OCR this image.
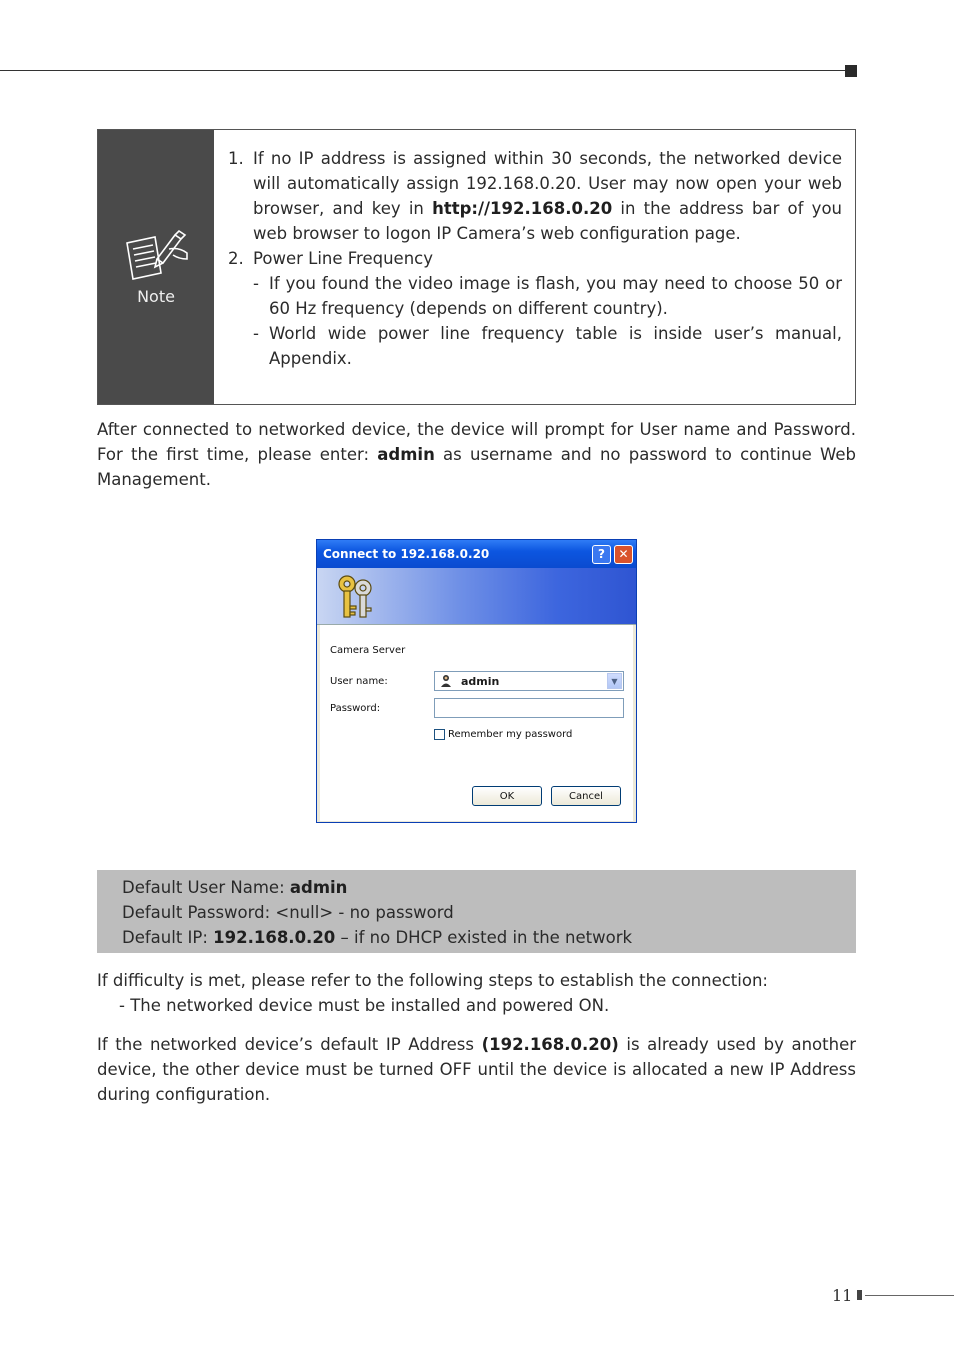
Note
1. If no IP address is assigned within 30 seconds, the networked device will automatically assign 192.168.0.20. User may now open your web browser, and key in http://192.168.0.20 in the address bar of you web browser to logon IP Camera’s web configuration page.
2. Power Line Frequency
- If you found the video image is flash, you may need to choose 50 or 60 Hz frequency (depends on different country).
- World wide power line frequency table is inside user’s manual, Appendix.
After connected to networked device, the device will prompt for User name and Password. For the first time, please enter: admin as username and no password to continue Web Management.
Connect to 192.168.0.20	?	✕
Camera Server
User name:	admin	▼
Password:
Remember my password
OK	Cancel
Default User Name: admin
Default Password: <null> - no password
Default IP: 192.168.0.20 – if no DHCP existed in the network
If difficulty is met, please refer to the following steps to establish the connection:
- The networked device must be installed and powered ON.
If the networked device’s default IP Address (192.168.0.20) is already used by another device, the other device must be turned OFF until the device is allocated a new IP Address during configuration.
11
